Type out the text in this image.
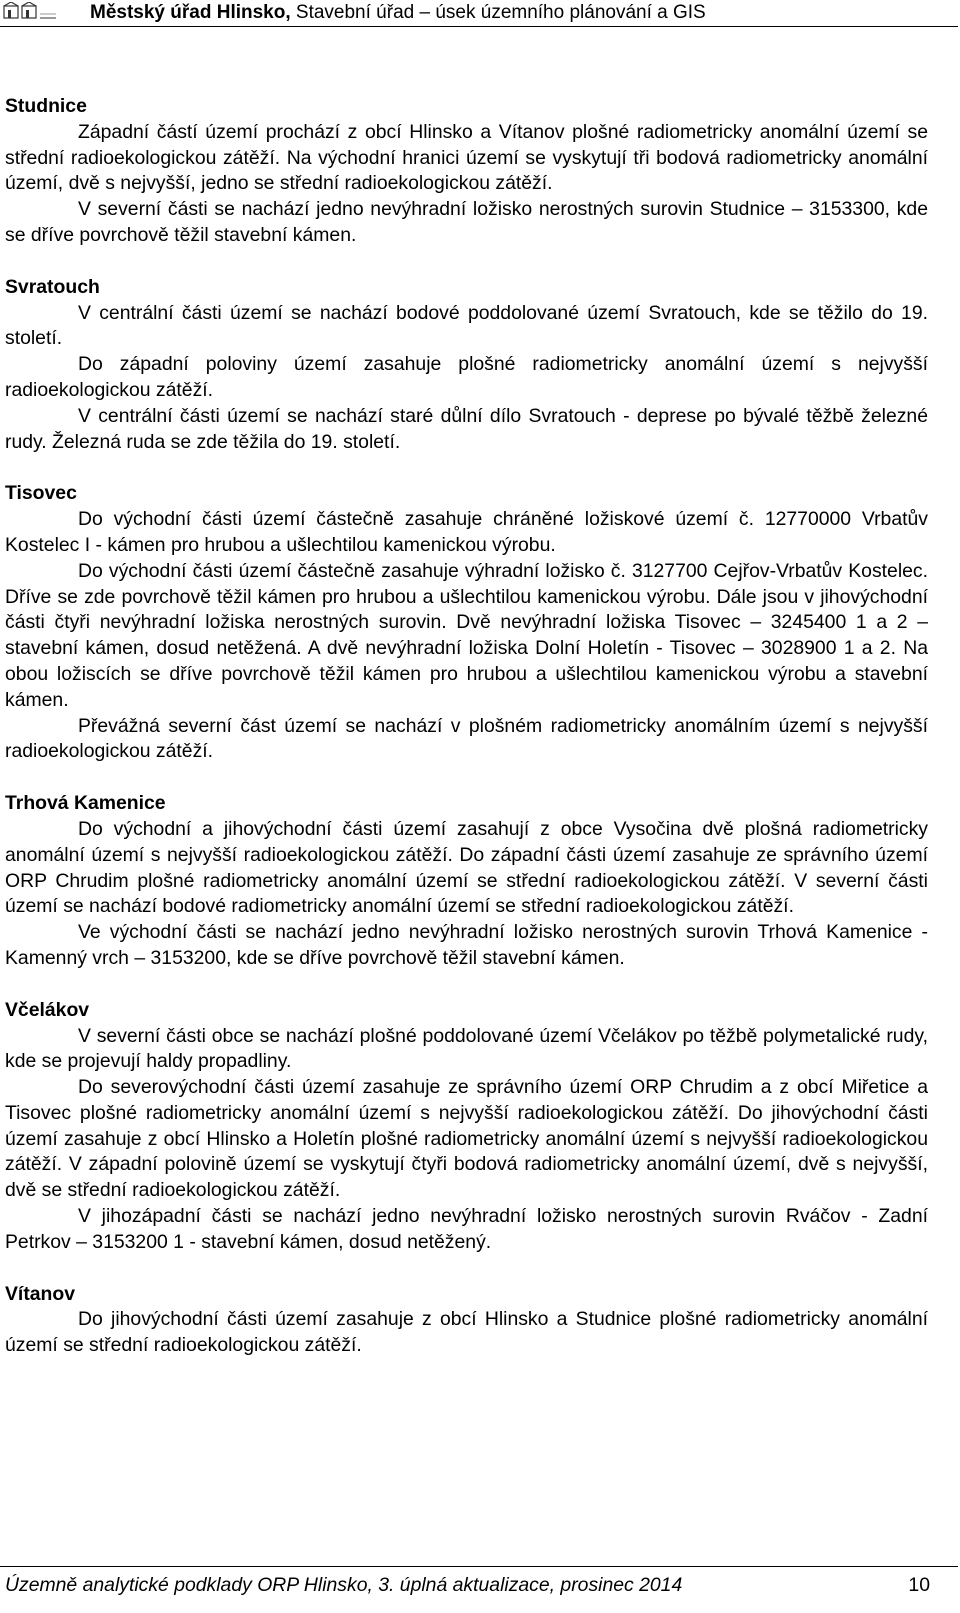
Městský úřad Hlinsko, Stavební úřad – úsek územního plánování a GIS
Studnice

Západní částí území prochází z obcí Hlinsko a Vítanov plošné radiometricky anomální území se střední radioekologickou zátěží. Na východní hranici území se vyskytují tři bodová radiometricky anomální území, dvě s nejvyšší, jedno se střední radioekologickou zátěží.

V severní části se nachází jedno nevýhradní ložisko nerostných surovin Studnice – 3153300, kde se dříve povrchově těžil stavební kámen.

Svratouch

V centrální části území se nachází bodové poddolované území Svratouch, kde se těžilo do 19. století.

Do západní poloviny území zasahuje plošné radiometricky anomální území s nejvyšší radioekologickou zátěží.

V centrální části území se nachází staré důlní dílo Svratouch - deprese po bývalé těžbě železné rudy. Železná ruda se zde těžila do 19. století.

Tisovec

Do východní části území částečně zasahuje chráněné ložiskové území č. 12770000 Vrbatův Kostelec I - kámen pro hrubou a ušlechtilou kamenickou výrobu.

Do východní části území částečně zasahuje výhradní ložisko č. 3127700 Cejřov-Vrbatův Kostelec. Dříve se zde povrchově těžil kámen pro hrubou a ušlechtilou kamenickou výrobu. Dále jsou v jihovýchodní části čtyři nevýhradní ložiska nerostných surovin. Dvě nevýhradní ložiska Tisovec – 3245400 1 a 2 – stavební kámen, dosud netěžená. A dvě nevýhradní ložiska Dolní Holetín - Tisovec – 3028900 1 a 2. Na obou ložiscích se dříve povrchově těžil kámen pro hrubou a ušlechtilou kamenickou výrobu a stavební kámen.

Převážná severní část území se nachází v plošném radiometricky anomálním území s nejvyšší radioekologickou zátěží.

Trhová Kamenice

Do východní a jihovýchodní části území zasahují z obce Vysočina dvě plošná radiometricky anomální území s nejvyšší radioekologickou zátěží. Do západní části území zasahuje ze správního území ORP Chrudim plošné radiometricky anomální území se střední radioekologickou zátěží. V severní části území se nachází bodové radiometricky anomální území se střední radioekologickou zátěží.

Ve východní části se nachází jedno nevýhradní ložisko nerostných surovin Trhová Kamenice - Kamenný vrch – 3153200, kde se dříve povrchově těžil stavební kámen.

Včelákov

V severní části obce se nachází plošné poddolované území Včelákov po těžbě polymetalické rudy, kde se projevují haldy propadliny.

Do severovýchodní části území zasahuje ze správního území ORP Chrudim a z obcí Miřetice a Tisovec plošné radiometricky anomální území s nejvyšší radioekologickou zátěží. Do jihovýchodní části území zasahuje z obcí Hlinsko a Holetín plošné radiometricky anomální území s nejvyšší radioekologickou zátěží. V západní polovině území se vyskytují čtyři bodová radiometricky anomální území, dvě s nejvyšší, dvě se střední radioekologickou zátěží.

V jihozápadní části se nachází jedno nevýhradní ložisko nerostných surovin Rváčov - Zadní Petrkov – 3153200 1 - stavební kámen, dosud netěžený.

Vítanov

Do jihovýchodní části území zasahuje z obcí Hlinsko a Studnice plošné radiometricky anomální území se střední radioekologickou zátěží.

Územně analytické podklady ORP Hlinsko, 3. úplná aktualizace, prosinec 2014	10
